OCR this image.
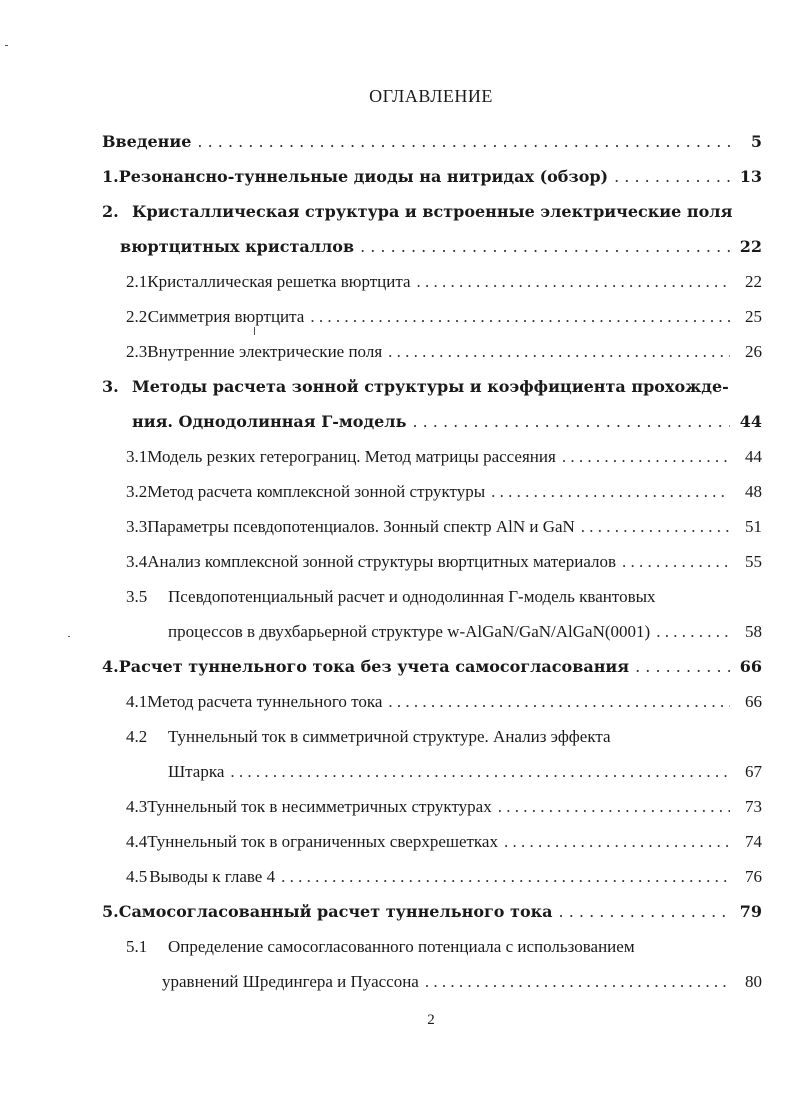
ОГЛАВЛЕНИЕ
Введение . . .	5
1. Резонансно-туннельные диоды на нитридах (обзор) . . .	13
2. Кристаллическая структура и встроенные электрические поля
вюртцитных кристаллов . . .	22
2.1 Кристаллическая решетка вюртцита . . .	22
2.2 Симметрия вюртцита . . .	25
2.3 Внутренние электрические поля . . .	26
3. Методы расчета зонной структуры и коэффициента прохожде-
ния. Однодолинная Г-модель . . .	44
3.1 Модель резких гетерограниц. Метод матрицы рассеяния . . .	44
3.2 Метод расчета комплексной зонной структуры . . .	48
3.3 Параметры псевдопотенциалов. Зонный спектр AlN и GaN . . .	51
3.4 Анализ комплексной зонной структуры вюртцитных материалов . . .	55
3.5	Псевдопотенциальный расчет и однодолинная Г-модель квантовых
процессов в двухбарьерной структуре w-AlGaN/GaN/AlGaN(0001) . . .	58
4. Расчет туннельного тока без учета самосогласования . . .	66
4.1 Метод расчета туннельного тока . . .	66
4.2	Туннельный ток в симметричной структуре. Анализ эффекта
Штарка . . .	67
4.3 Туннельный ток в несимметричных структурах . . .	73
4.4 Туннельный ток в ограниченных сверхрешетках . . .	74
4.5 Выводы к главе 4 . . .	76
5. Самосогласованный расчет туннельного тока . . .	79
5.1	Определение самосогласованного потенциала с использованием
уравнений Шредингера и Пуассона . . .	80
2
